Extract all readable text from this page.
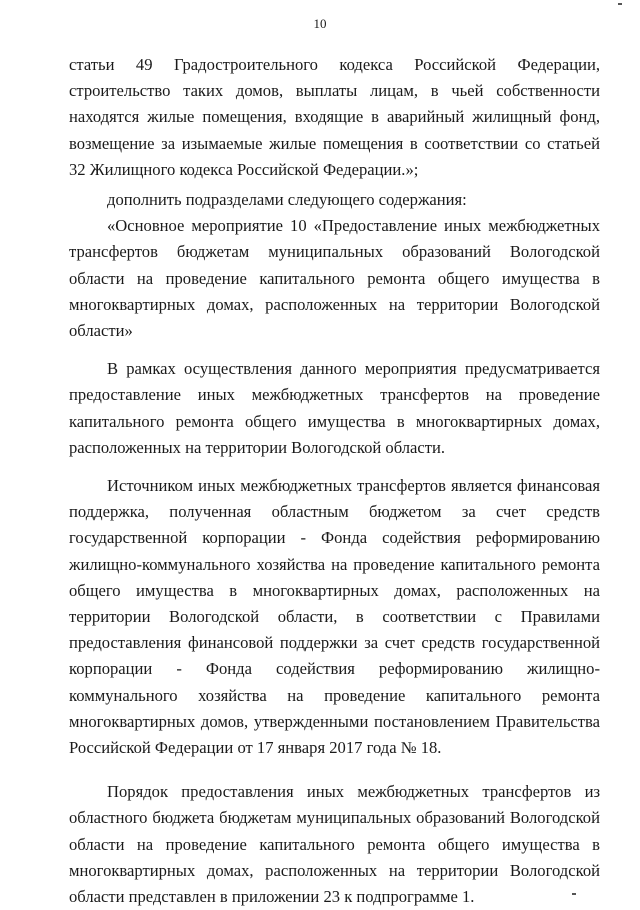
10

статьи 49 Градостроительного кодекса Российской Федерации, строительство таких домов, выплаты лицам, в чьей собственности находятся жилые помещения, входящие в аварийный жилищный фонд, возмещение за изымаемые жилые помещения в соответствии со статьей 32 Жилищного кодекса Российской Федерации.»;

дополнить подразделами следующего содержания:

«Основное мероприятие 10 «Предоставление иных межбюджетных трансфертов бюджетам муниципальных образований Вологодской области на проведение капитального ремонта общего имущества в многоквартирных домах, расположенных на территории Вологодской области»

В рамках осуществления данного мероприятия предусматривается предоставление иных межбюджетных трансфертов на проведение капитального ремонта общего имущества в многоквартирных домах, расположенных на территории Вологодской области.

Источником иных межбюджетных трансфертов является финансовая поддержка, полученная областным бюджетом за счет средств государственной корпорации - Фонда содействия реформированию жилищно-коммунального хозяйства на проведение капитального ремонта общего имущества в многоквартирных домах, расположенных на территории Вологодской области, в соответствии с Правилами предоставления финансовой поддержки за счет средств государственной корпорации - Фонда содействия реформированию жилищно-коммунального хозяйства на проведение капитального ремонта многоквартирных домов, утвержденными постановлением Правительства Российской Федерации от 17 января 2017 года № 18.

Порядок предоставления иных межбюджетных трансфертов из областного бюджета бюджетам муниципальных образований Вологодской области на проведение капитального ремонта общего имущества в многоквартирных домах, расположенных на территории Вологодской области представлен в приложении 23 к подпрограмме 1.
